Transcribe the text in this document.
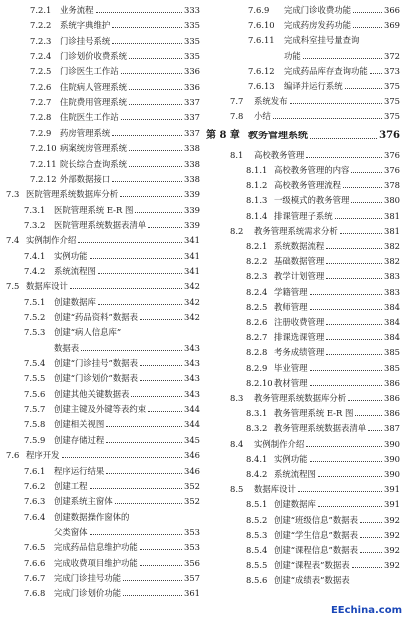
7.2.1	业务流程	333
7.2.2	系统字典维护	335
7.2.3	门诊挂号系统	335
7.2.4	门诊划价收费系统	335
7.2.5	门诊医生工作站	336
7.2.6	住院病人管理系统	336
7.2.7	住院费用管理系统	337
7.2.8	住院医生工作站	337
7.2.9	药房管理系统	337
7.2.10 病案统房管理系统	338
7.2.11 院长综合查询系统	338
7.2.12 外部数据接口	338
7.3 医院管理系统数据库分析	339
7.3.1	医院管理系统 E-R 图	339
7.3.2	医院管理系统数据表清单	339
7.4 实例制作介绍	341
7.4.1	实例功能	341
7.4.2	系统流程图	341
7.5 数据库设计	342
7.5.1	创建数据库	342
7.5.2	创建“药品资料”数据表	342
7.5.3	创建“病人信息库”
数据表	343
7.5.4	创建“门诊挂号”数据表	343
7.5.5	创建“门诊划价”数据表	343
7.5.6	创建其他关键数据表	343
7.5.7	创建主键及外键等表约束	344
7.5.8	创建相关视图	344
7.5.9	创建存储过程	345
7.6 程序开发	346
7.6.1	程序运行结果	346
7.6.2	创建工程	352
7.6.3	创建系统主窗体	352
7.6.4	创建数据操作窗体的
父类窗体	353
7.6.5	完成药品信息维护功能	353
7.6.6	完成收费项目维护功能	356
7.6.7	完成门诊挂号功能	357
7.6.8	完成门诊划价功能	361
7.6.9	完成门诊收费功能	366
7.6.10	完成药房发药功能	369
7.6.11	完成科室挂号量查询
功能	372
7.6.12	完成药品库存查询功能 373
7.6.13	编译并运行系统	375
7.7	系统发布	375
7.8	小结	375
第 8 章 教务管理系统	376
8.1	高校教务管理	376
8.1.1 高校教务管理的内容	376
8.1.2 高校教务管理流程	378
8.1.3 一级模式的教务管理	380
8.1.4 排课管理子系统	381
8.2	教务管理系统需求分析	381
8.2.1 系统数据流程	382
8.2.2 基础数据管理	382
8.2.3 教学计划管理	383
8.2.4 学籍管理	383
8.2.5 教师管理	384
8.2.6 注册收费管理	384
8.2.7 排课选课管理	384
8.2.8 考务成绩管理	385
8.2.9 毕业管理	385
8.2.10 教材管理	386
8.3	教务管理系统数据库分析	386
8.3.1 教务管理系统 E-R 图	386
8.3.2 教务管理系统数据表清单 387
8.4	实例制作介绍	390
8.4.1 实例功能	390
8.4.2 系统流程图	390
8.5	数据库设计	391
8.5.1 创建数据库	391
8.5.2 创建“班级信息”数据表	392
8.5.3 创建“学生信息”数据表	392
8.5.4 创建“课程信息”数据表	392
8.5.5 创建“课程表”数据表	392
8.5.6 创建“成绩表”数据表
EEchina.com
